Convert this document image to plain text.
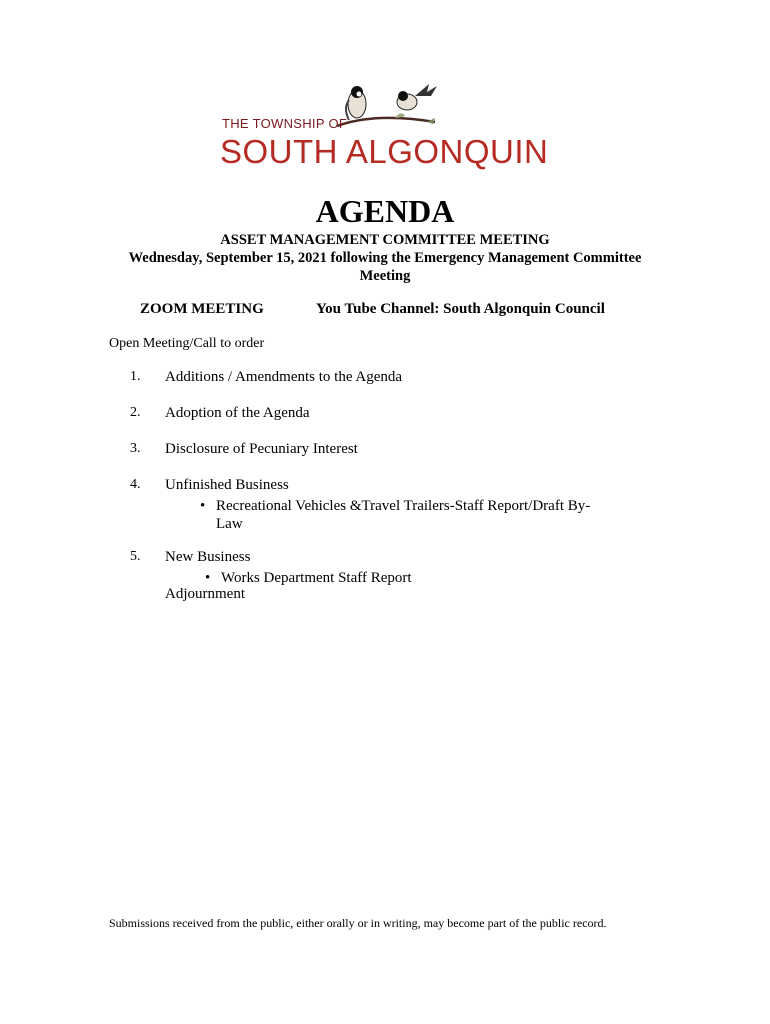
THE TOWNSHIP OF
SOUTH ALGONQUIN
AGENDA
ASSET MANAGEMENT COMMITTEE MEETING
Wednesday, September 15, 2021 following the Emergency Management Committee
Meeting
ZOOM MEETING	You Tube Channel: South Algonquin Council
Open Meeting/Call to order
1. Additions / Amendments to the Agenda
2. Adoption of the Agenda
3. Disclosure of Pecuniary Interest
4. Unfinished Business
• Recreational Vehicles &Travel Trailers-Staff Report/Draft By-
Law
5. New Business
• Works Department Staff Report
Adjournment
Submissions received from the public, either orally or in writing, may become part of the public record.
